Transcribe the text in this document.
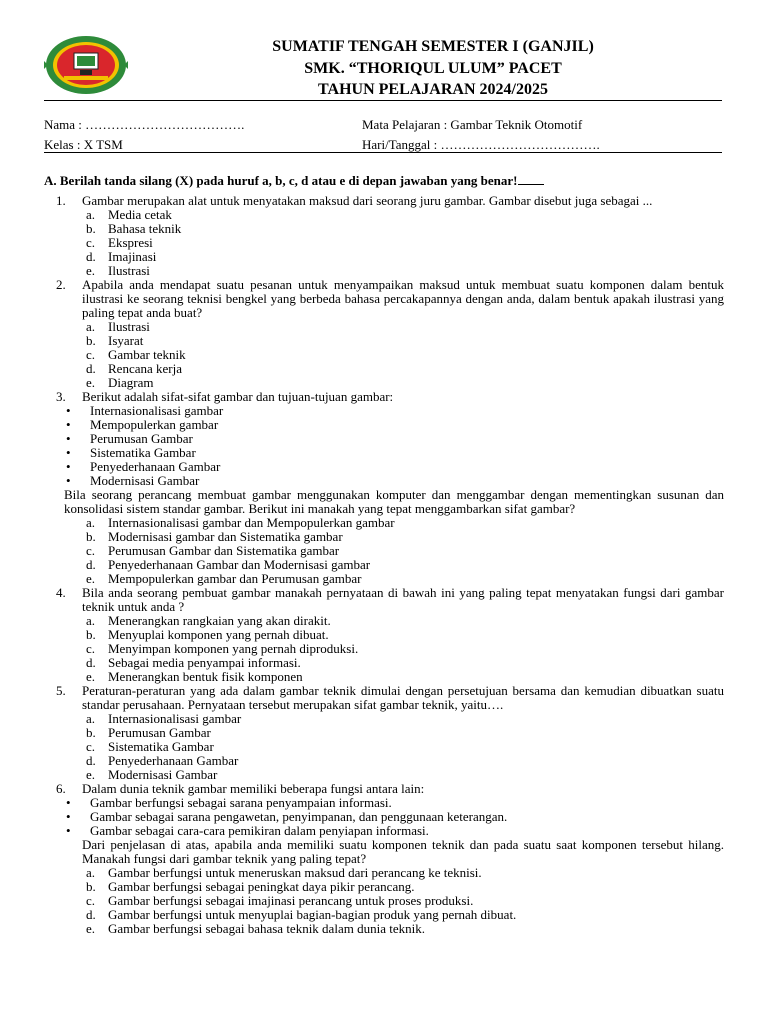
SUMATIF TENGAH SEMESTER I (GANJIL)
SMK. “THORIQUL ULUM” PACET
TAHUN PELAJARAN 2024/2025
Nama : ……………………………….
Kelas : X TSM
Mata Pelajaran : Gambar Teknik Otomotif
Hari/Tanggal : ……………………………….
A. Berilah tanda silang (X) pada huruf a, b, c, d atau e di depan jawaban yang benar!
1. Gambar merupakan alat untuk menyatakan maksud dari seorang juru gambar. Gambar disebut juga sebagai ...
a. Media cetak
b. Bahasa teknik
c. Ekspresi
d. Imajinasi
e. Ilustrasi
2. Apabila anda mendapat suatu pesanan untuk menyampaikan maksud untuk membuat suatu komponen dalam bentuk ilustrasi ke seorang teknisi bengkel yang berbeda bahasa percakapannya dengan anda, dalam bentuk apakah ilustrasi yang paling tepat anda buat?
a. Ilustrasi
b. Isyarat
c. Gambar teknik
d. Rencana kerja
e. Diagram
3. Berikut adalah sifat-sifat gambar dan tujuan-tujuan gambar:
• Internasionalisasi gambar
• Mempopulerkan gambar
• Perumusan Gambar
• Sistematika Gambar
• Penyederhanaan Gambar
• Modernisasi Gambar
Bila seorang perancang membuat gambar menggunakan komputer dan menggambar dengan mementingkan susunan dan konsolidasi sistem standar gambar. Berikut ini manakah yang tepat menggambarkan sifat gambar?
a. Internasionalisasi gambar dan Mempopulerkan gambar
b. Modernisasi gambar dan Sistematika gambar
c. Perumusan Gambar dan Sistematika gambar
d. Penyederhanaan Gambar dan Modernisasi gambar
e. Mempopulerkan gambar dan Perumusan gambar
4. Bila anda seorang pembuat gambar manakah pernyataan di bawah ini yang paling tepat menyatakan fungsi dari gambar teknik untuk anda ?
a. Menerangkan rangkaian yang akan dirakit.
b. Menyuplai komponen yang pernah dibuat.
c. Menyimpan komponen yang pernah diproduksi.
d. Sebagai media penyampai informasi.
e. Menerangkan bentuk fisik komponen
5. Peraturan-peraturan yang ada dalam gambar teknik dimulai dengan persetujuan bersama dan kemudian dibuatkan suatu standar perusahaan. Pernyataan tersebut merupakan sifat gambar teknik, yaitu….
a. Internasionalisasi gambar
b. Perumusan Gambar
c. Sistematika Gambar
d. Penyederhanaan Gambar
e. Modernisasi Gambar
6. Dalam dunia teknik gambar memiliki beberapa fungsi antara lain:
• Gambar berfungsi sebagai sarana penyampaian informasi.
• Gambar sebagai sarana pengawetan, penyimpanan, dan penggunaan keterangan.
• Gambar sebagai cara-cara pemikiran dalam penyiapan informasi.
Dari penjelasan di atas, apabila anda memiliki suatu komponen teknik dan pada suatu saat komponen tersebut hilang. Manakah fungsi dari gambar teknik yang paling tepat?
a. Gambar berfungsi untuk meneruskan maksud dari perancang ke teknisi.
b. Gambar berfungsi sebagai peningkat daya pikir perancang.
c. Gambar berfungsi sebagai imajinasi perancang untuk proses produksi.
d. Gambar berfungsi untuk menyuplai bagian-bagian produk yang pernah dibuat.
e. Gambar berfungsi sebagai bahasa teknik dalam dunia teknik.
